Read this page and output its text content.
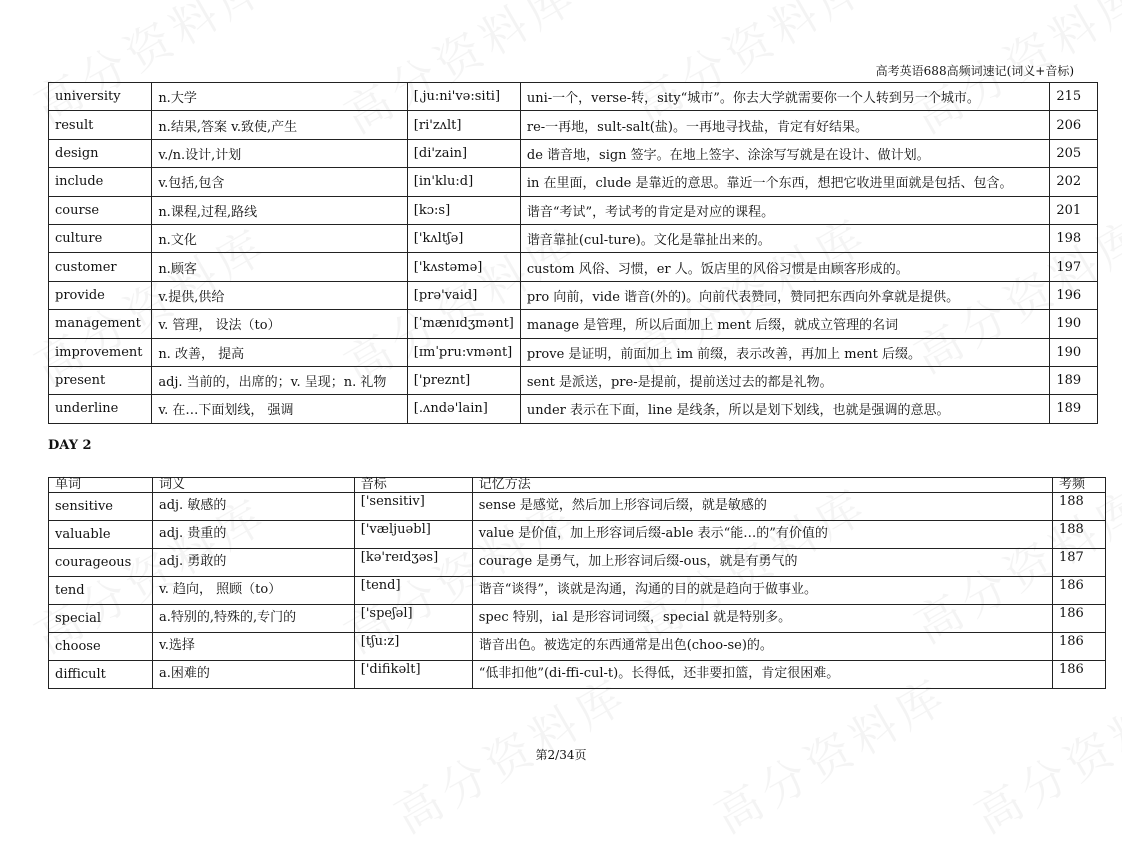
高考英语688高频词速记(词义+音标)
university	n.大学	[ˌju:ni'və:siti]	uni-一个，verse-转，sity“城市”。你去大学就需要你一个人转到另一个城市。	215
result	n.结果,答案 v.致使,产生	[ri'zʌlt]	re-一再地，sult-salt(盐)。一再地寻找盐，肯定有好结果。	206
design	v./n.设计,计划	[di'zain]	de 谐音地，sign 签字。在地上签字、涂涂写写就是在设计、做计划。	205
include	v.包括,包含	[in'klu:d]	in 在里面，clude 是靠近的意思。靠近一个东西，想把它收进里面就是包括、包含。	202
course	n.课程,过程,路线	[kɔ:s]	谐音“考试”，考试考的肯定是对应的课程。	201
culture	n.文化	['kʌltʃə]	谐音靠扯(cul-ture)。文化是靠扯出来的。	198
customer	n.顾客	['kʌstəmə]	custom 风俗、习惯，er 人。饭店里的风俗习惯是由顾客形成的。	197
provide	v.提供,供给	[prə'vaid]	pro 向前，vide 谐音(外的)。向前代表赞同，赞同把东西向外拿就是提供。	196
management	v. 管理， 设法（to）	[ˈmænɪdʒmənt]	manage 是管理，所以后面加上 ment 后缀，就成立管理的名词	190
improvement	n. 改善， 提高	[ɪmˈpru:vmənt]	prove 是证明，前面加上 im 前缀，表示改善，再加上 ment 后缀。	190
present	adj. 当前的，出席的；v. 呈现；n. 礼物	['preznt]	sent 是派送，pre-是提前，提前送过去的都是礼物。	189
underline	v. 在…下面划线， 强调	[.ʌndə'lain]	under 表示在下面，line 是线条，所以是划下划线，也就是强调的意思。	189
DAY 2
单词	词义	音标	记忆方法	考频
sensitive	adj. 敏感的	['sensitiv]	sense 是感觉，然后加上形容词后缀，就是敏感的	188
valuable	adj. 贵重的	['væljuəbl]	value 是价值，加上形容词后缀-able 表示“能…的”有价值的	188
courageous	adj. 勇敢的	[kə'reɪdʒəs]	courage 是勇气，加上形容词后缀-ous，就是有勇气的	187
tend	v. 趋向， 照顾（to）	[tend]	谐音“谈得”，谈就是沟通，沟通的目的就是趋向于做事业。	186
special	a.特别的,特殊的,专门的	['speʃəl]	spec 特别，ial 是形容词词缀，special 就是特别多。	186
choose	v.选择	[tʃu:z]	谐音出色。被选定的东西通常是出色(choo-se)的。	186
difficult	a.困难的	['difikəlt]	“低非扣他”(di-ffi-cul-t)。长得低，还非要扣篮，肯定很困难。	186
第2/34页
